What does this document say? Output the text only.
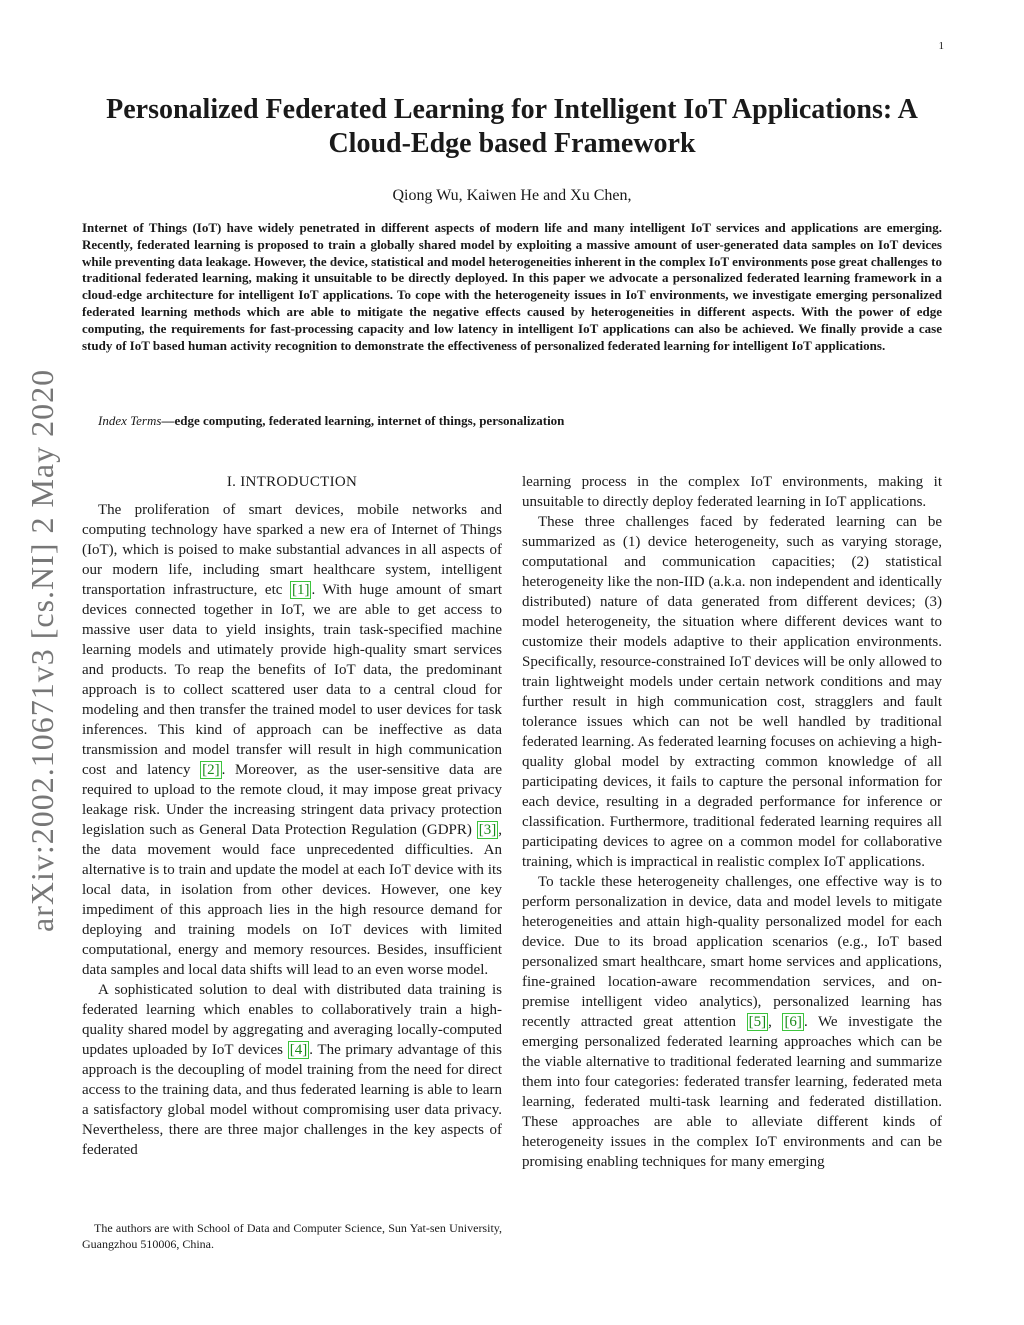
1
arXiv:2002.10671v3 [cs.NI] 2 May 2020
Personalized Federated Learning for Intelligent IoT Applications: A Cloud-Edge based Framework
Qiong Wu, Kaiwen He and Xu Chen,
Internet of Things (IoT) have widely penetrated in different aspects of modern life and many intelligent IoT services and applications are emerging. Recently, federated learning is proposed to train a globally shared model by exploiting a massive amount of user-generated data samples on IoT devices while preventing data leakage. However, the device, statistical and model heterogeneities inherent in the complex IoT environments pose great challenges to traditional federated learning, making it unsuitable to be directly deployed. In this paper we advocate a personalized federated learning framework in a cloud-edge architecture for intelligent IoT applications. To cope with the heterogeneity issues in IoT environments, we investigate emerging personalized federated learning methods which are able to mitigate the negative effects caused by heterogeneities in different aspects. With the power of edge computing, the requirements for fast-processing capacity and low latency in intelligent IoT applications can also be achieved. We finally provide a case study of IoT based human activity recognition to demonstrate the effectiveness of personalized federated learning for intelligent IoT applications.
Index Terms—edge computing, federated learning, internet of things, personalization

I. INTRODUCTION

The proliferation of smart devices, mobile networks and computing technology have sparked a new era of Internet of Things (IoT), which is poised to make substantial advances in all aspects of our modern life, including smart healthcare system, intelligent transportation infrastructure, etc [1] . With huge amount of smart devices connected together in IoT, we are able to get access to massive user data to yield insights, train task-specified machine learning models and utimately provide high-quality smart services and products. To reap the benefits of IoT data, the predominant approach is to collect scattered user data to a central cloud for modeling and then transfer the trained model to user devices for task inferences. This kind of approach can be ineffective as data transmission and model transfer will result in high communication cost and latency [2] . Moreover, as the user-sensitive data are required to upload to the remote cloud, it may impose great privacy leakage risk. Under the increasing stringent data privacy protection legislation such as General Data Protection Regulation (GDPR) [3] , the data movement would face unprecedented difficulties. An alternative is to train and update the model at each IoT device with its local data, in isolation from other devices. However, one key impediment of this approach lies in the high resource demand for deploying and training models on IoT devices with limited computational, energy and memory resources. Besides, insufficient data samples and local data shifts will lead to an even worse model.

A sophisticated solution to deal with distributed data training is federated learning which enables to collaboratively train a high-quality shared model by aggregating and averaging locally-computed updates uploaded by IoT devices [4] . The primary advantage of this approach is the decoupling of model training from the need for direct access to the training data, and thus federated learning is able to learn a satisfactory global model without compromising user data privacy. Nevertheless, there are three major challenges in the key aspects of federated

learning process in the complex IoT environments, making it unsuitable to directly deploy federated learning in IoT applications.

These three challenges faced by federated learning can be summarized as (1) device heterogeneity, such as varying storage, computational and communication capacities; (2) statistical heterogeneity like the non-IID (a.k.a. non independent and identically distributed) nature of data generated from different devices; (3) model heterogeneity, the situation where different devices want to customize their models adaptive to their application environments. Specifically, resource-constrained IoT devices will be only allowed to train lightweight models under certain network conditions and may further result in high communication cost, stragglers and fault tolerance issues which can not be well handled by traditional federated learning. As federated learning focuses on achieving a high-quality global model by extracting common knowledge of all participating devices, it fails to capture the personal information for each device, resulting in a degraded performance for inference or classification. Furthermore, traditional federated learning requires all participating devices to agree on a common model for collaborative training, which is impractical in realistic complex IoT applications.

To tackle these heterogeneity challenges, one effective way is to perform personalization in device, data and model levels to mitigate heterogeneities and attain high-quality personalized model for each device. Due to its broad application scenarios (e.g., IoT based personalized smart healthcare, smart home services and applications, fine-grained location-aware recommendation services, and on-premise intelligent video analytics), personalized learning has recently attracted great attention [5] , [6] . We investigate the emerging personalized federated learning approaches which can be the viable alternative to traditional federated learning and summarize them into four categories: federated transfer learning, federated meta learning, federated multi-task learning and federated distillation. These approaches are able to alleviate different kinds of heterogeneity issues in the complex IoT environments and can be promising enabling techniques for many emerging

The authors are with School of Data and Computer Science, Sun Yat-sen University, Guangzhou 510006, China.
